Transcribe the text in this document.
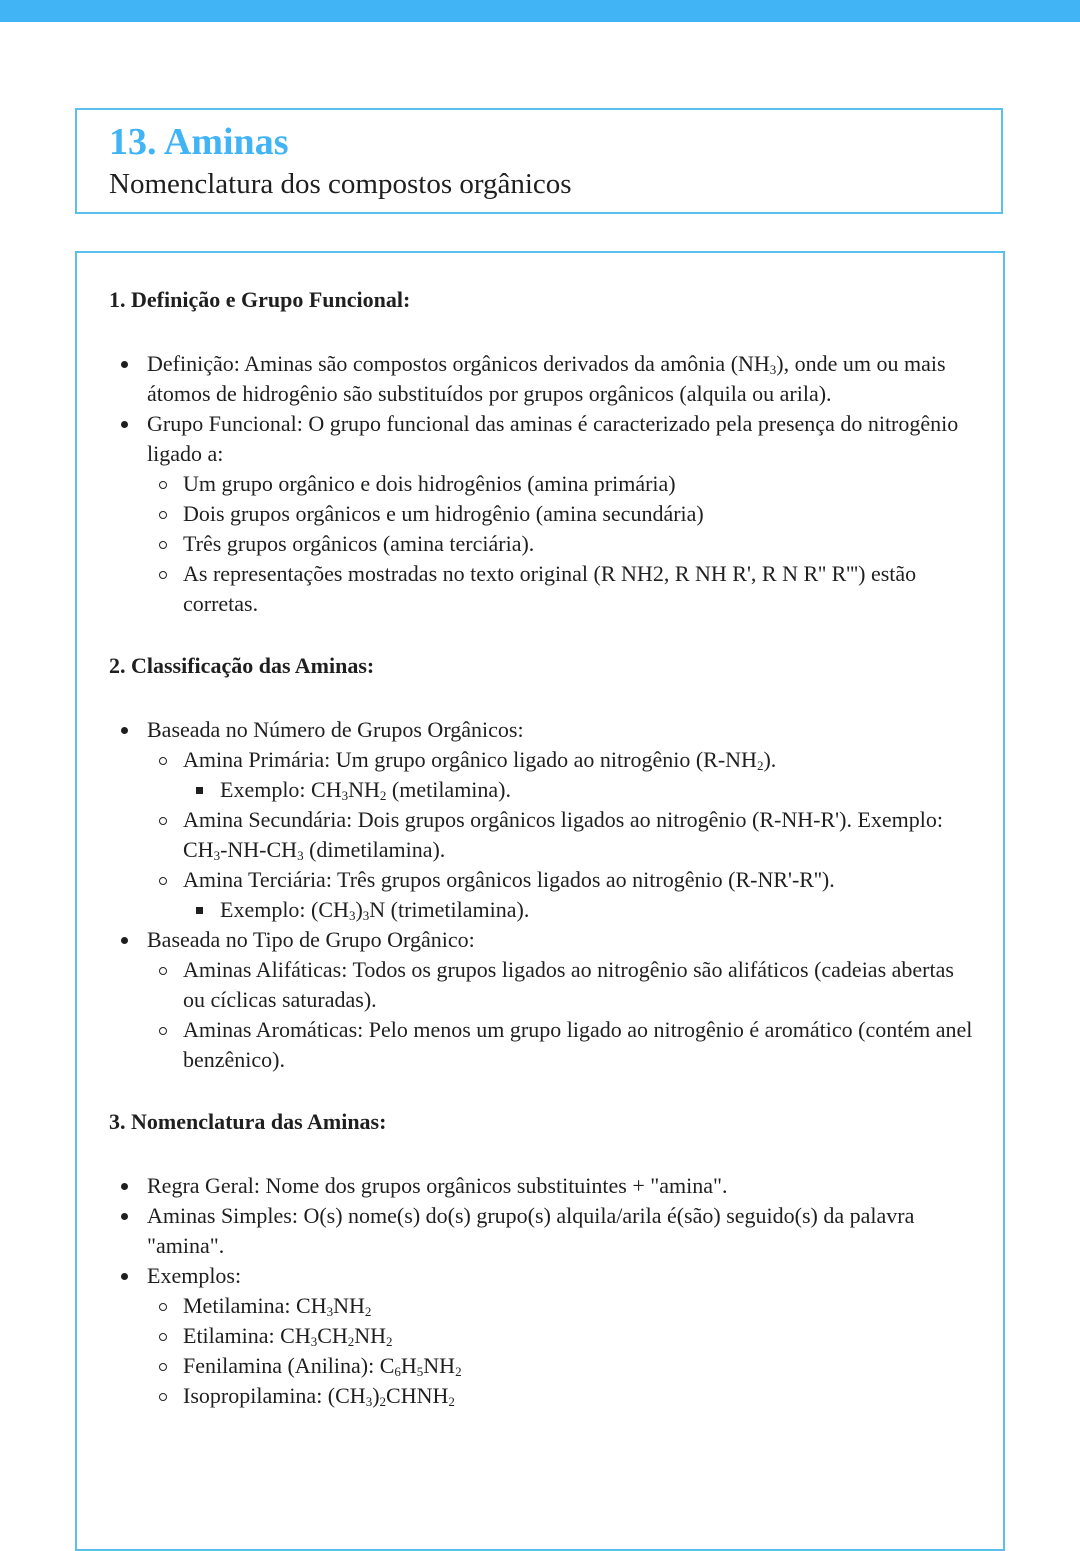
13. Aminas

Nomenclatura dos compostos orgânicos

1. Definição e Grupo Funcional:
Definição: Aminas são compostos orgânicos derivados da amônia $(NH_3)$, onde um ou mais átomos de hidrogênio são substituídos por grupos orgânicos (alquila ou arila).
Grupo Funcional: O grupo funcional das aminas é caracterizado pela presença do nitrogênio ligado a:
Um grupo orgânico e dois hidrogênios (amina primária)
Dois grupos orgânicos e um hidrogênio (amina secundária)
Três grupos orgânicos (amina terciária).
As representações mostradas no texto original (R NH2, R NH R', R N R'' R''') estão corretas.
2. Classificação das Aminas:
Baseada no Número de Grupos Orgânicos:
Amina Primária: Um grupo orgânico ligado ao nitrogênio $(R-NH_2)$.
Exemplo: $CH_3NH_2$ (metilamina).
Amina Secundária: Dois grupos orgânicos ligados ao nitrogênio (R-NH-R'). Exemplo: $CH_3-NH-CH_3$ (dimetilamina).
Amina Terciária: Três grupos orgânicos ligados ao nitrogênio (R-NR'-R'').
Exemplo: $(CH_3)_3N$ (trimetilamina).
Baseada no Tipo de Grupo Orgânico:
Aminas Alifáticas: Todos os grupos ligados ao nitrogênio são alifáticos (cadeias abertas ou cíclicas saturadas).
Aminas Aromáticas: Pelo menos um grupo ligado ao nitrogênio é aromático (contém anel benzênico).
3. Nomenclatura das Aminas:
Regra Geral: Nome dos grupos orgânicos substituintes + "amina".
Aminas Simples: O(s) nome(s) do(s) grupo(s) alquila/arila é(são) seguido(s) da palavra "amina".
Exemplos:
Metilamina: $CH_3NH_2$
Etilamina: $CH_3CH_2NH_2$
Fenilamina (Anilina): $C_6H_5NH_2$
Isopropilamina: $(CH_3)_2CHNH_2$
